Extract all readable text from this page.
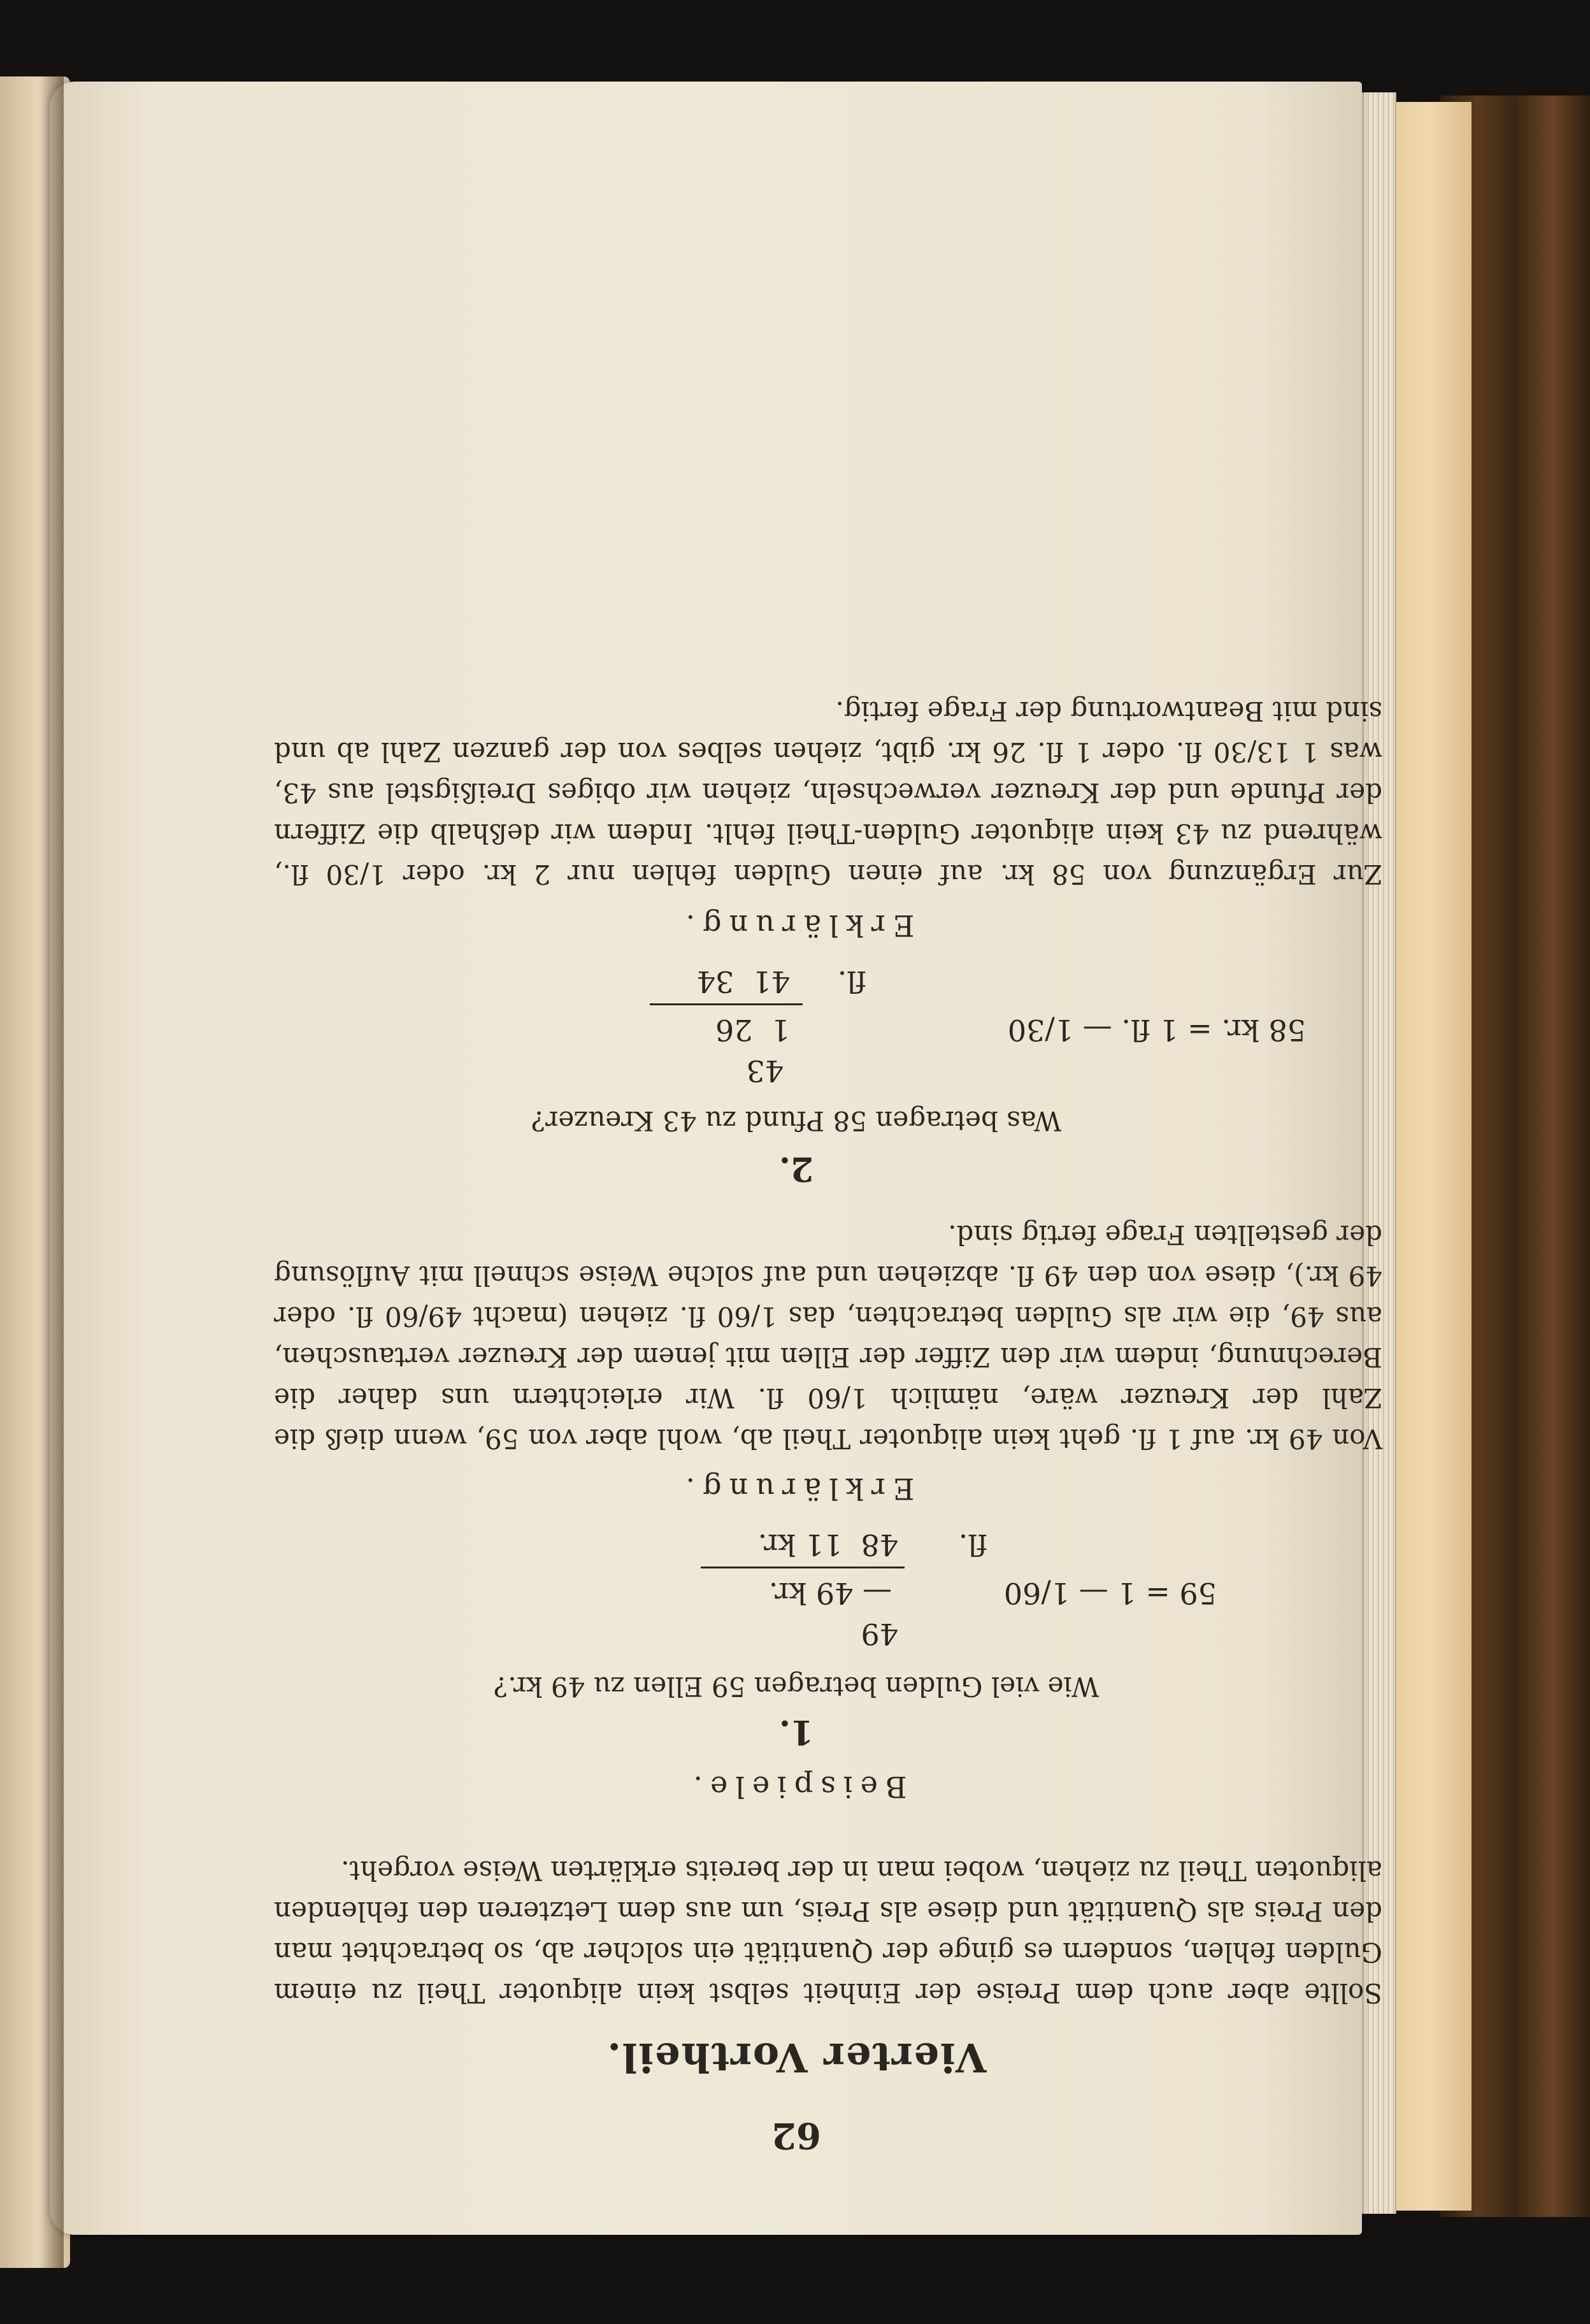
62

Vierter Vortheil.

Sollte aber auch dem Preise der Einheit selbst kein aliquoter Theil zu einem Gulden fehlen, sondern es ginge der Quantität ein solcher ab, so betrachtet man den Preis als Quantität und diese als Preis, um aus dem Letzteren den fehlenden aliquoten Theil zu ziehen, wobei man in der bereits erklärten Weise vorgeht.

Beispiele.

1.

Wie viel Gulden betragen 59 Ellen zu 49 kr.?

49
59 = 1 — 1/60
— 49 kr.
fl.
48  11 kr.

Erklärung.

Von 49 kr. auf 1 fl. geht kein aliquoter Theil ab, wohl aber von 59, wenn dieß die Zahl der Kreuzer wäre, nämlich 1/60 fl. Wir erleichtern uns daher die Berechnung, indem wir den Ziffer der Ellen mit jenem der Kreuzer vertauschen, aus 49, die wir als Gulden betrachten, das 1/60 fl. ziehen (macht 49/60 fl. oder 49 kr.), diese von den 49 fl. abziehen und auf solche Weise schnell mit Auflösung der gestellten Frage fertig sind.

2.

Was betragen 58 Pfund zu 43 Kreuzer?

43
58 kr. = 1 fl. — 1/30
1  26
fl.
41  34

Erklärung.

Zur Ergänzung von 58 kr. auf einen Gulden fehlen nur 2 kr. oder 1/30 fl., während zu 43 kein aliquoter Gulden-Theil fehlt. Indem wir deßhalb die Ziffern der Pfunde und der Kreuzer verwechseln, ziehen wir obiges Dreißigstel aus 43, was 1 13/30 fl. oder 1 fl. 26 kr. gibt, ziehen selbes von der ganzen Zahl ab und sind mit Beantwortung der Frage fertig.
